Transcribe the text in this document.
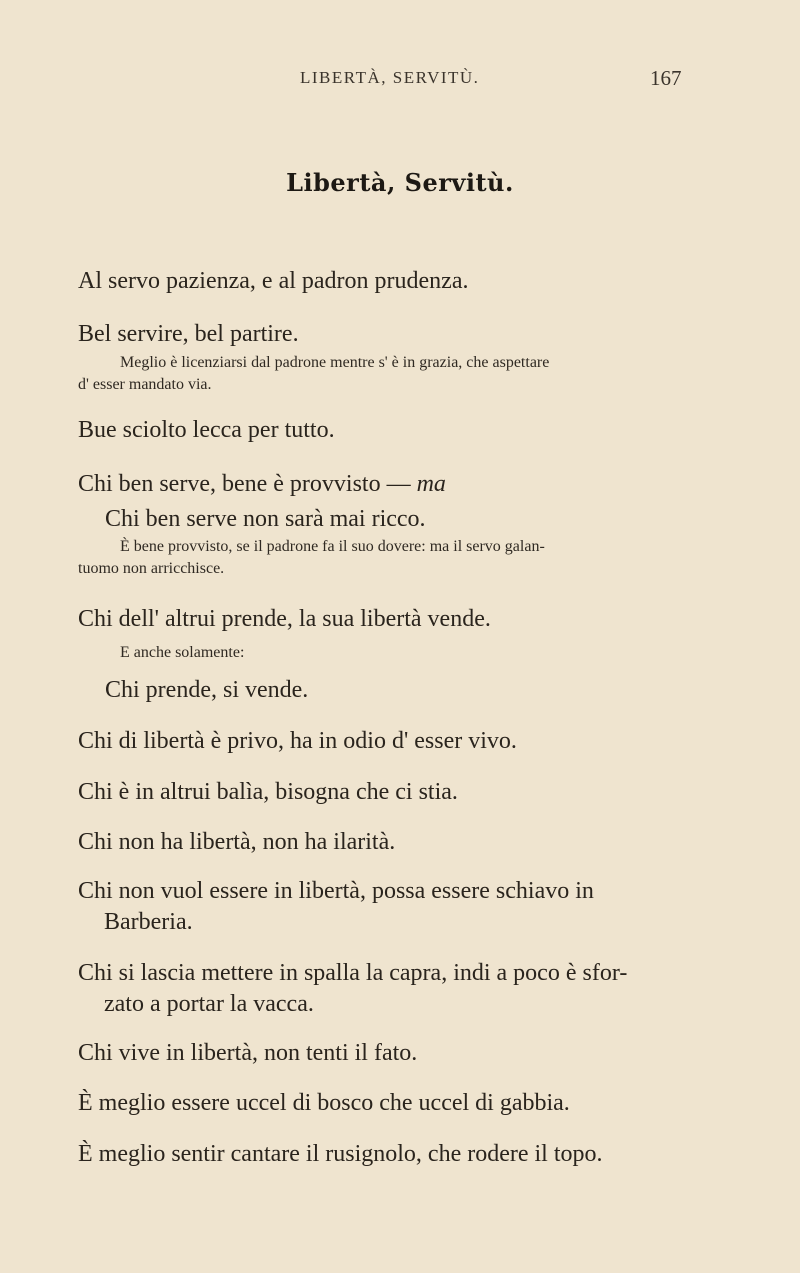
LIBERTÀ, SERVITÙ.	167
Libertà, Servitù.

Al servo pazienza, e al padron prudenza.

Bel servire, bel partire.

Meglio è licenziarsi dal padrone mentre s' è in grazia, che aspettare
d' esser mandato via.

Bue sciolto lecca per tutto.

Chi ben serve, bene è provvisto — ma

Chi ben serve non sarà mai ricco.

È bene provvisto, se il padrone fa il suo dovere: ma il servo galan-
tuomo non arricchisce.

Chi dell' altrui prende, la sua libertà vende.

E anche solamente:

Chi prende, si vende.

Chi di libertà è privo, ha in odio d' esser vivo.

Chi è in altrui balìa, bisogna che ci stia.

Chi non ha libertà, non ha ilarità.

Chi non vuol essere in libertà, possa essere schiavo in
Barberia.
Chi si lascia mettere in spalla la capra, indi a poco è sfor-
zato a portar la vacca.

Chi vive in libertà, non tenti il fato.

È meglio essere uccel di bosco che uccel di gabbia.

È meglio sentir cantare il rusignolo, che rodere il topo.
